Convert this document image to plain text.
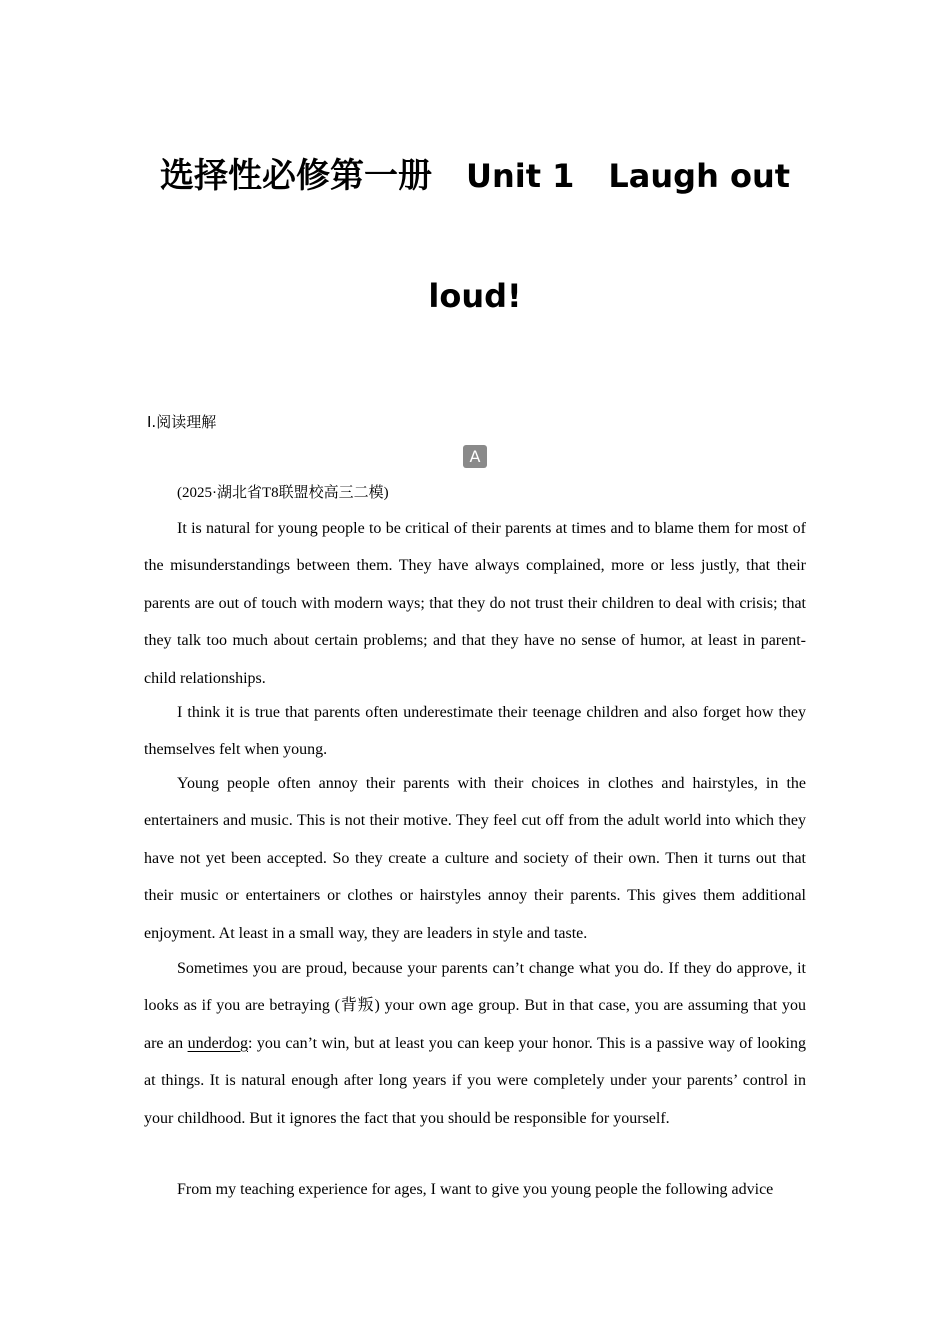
选择性必修第一册 Unit 1 Laugh out
loud!
Ⅰ.阅读理解
A
(2025·湖北省T8联盟校高三二模)

It is natural for young people to be critical of their parents at times and to blame them for most of the misunderstandings between them. They have always complained, more or less justly, that their parents are out of touch with modern ways; that they do not trust their children to deal with crisis; that they talk too much about certain problems; and that they have no sense of humor, at least in parent-child relationships.

I think it is true that parents often underestimate their teenage children and also forget how they themselves felt when young.

Young people often annoy their parents with their choices in clothes and hairstyles, in the entertainers and music. This is not their motive. They feel cut off from the adult world into which they have not yet been accepted. So they create a culture and society of their own. Then it turns out that their music or entertainers or clothes or hairstyles annoy their parents. This gives them additional enjoyment. At least in a small way, they are leaders in style and taste.

Sometimes you are proud, because your parents can’t change what you do. If they do approve, it looks as if you are betraying (背叛) your own age group. But in that case, you are assuming that you are an underdog: you can’t win, but at least you can keep your honor. This is a passive way of looking at things. It is natural enough after long years if you were completely under your parents’ control in your childhood. But it ignores the fact that you should be responsible for yourself.

From my teaching experience for ages, I want to give you young people the following advice
